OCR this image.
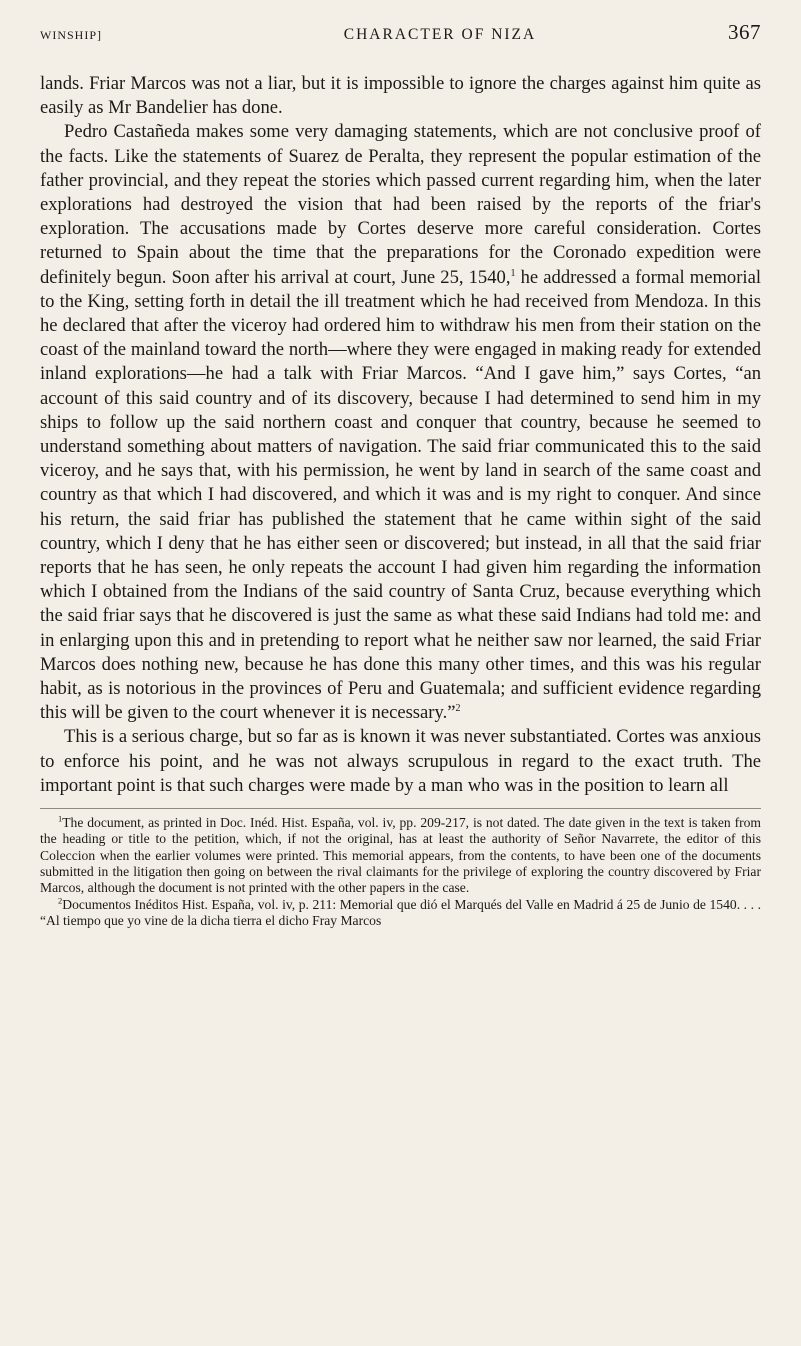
WINSHIP]	CHARACTER OF NIZA	367

lands. Friar Marcos was not a liar, but it is impossible to ignore the charges against him quite as easily as Mr Bandelier has done.

Pedro Castañeda makes some very damaging statements, which are not conclusive proof of the facts. Like the statements of Suarez de Peralta, they represent the popular estimation of the father provincial, and they repeat the stories which passed current regarding him, when the later explorations had destroyed the vision that had been raised by the reports of the friar's exploration. The accusations made by Cortes deserve more careful consideration. Cortes returned to Spain about the time that the preparations for the Coronado expedition were definitely begun. Soon after his arrival at court, June 25, 1540,$^1$ he addressed a formal memorial to the King, setting forth in detail the ill treatment which he had received from Mendoza. In this he declared that after the viceroy had ordered him to withdraw his men from their station on the coast of the mainland toward the north—where they were engaged in making ready for extended inland explorations—he had a talk with Friar Marcos. “And I gave him,” says Cortes, “an account of this said country and of its discovery, because I had determined to send him in my ships to follow up the said northern coast and conquer that country, because he seemed to understand something about matters of navigation. The said friar communicated this to the said viceroy, and he says that, with his permission, he went by land in search of the same coast and country as that which I had discovered, and which it was and is my right to conquer. And since his return, the said friar has published the statement that he came within sight of the said country, which I deny that he has either seen or discovered; but instead, in all that the said friar reports that he has seen, he only repeats the account I had given him regarding the information which I obtained from the Indians of the said country of Santa Cruz, because everything which the said friar says that he discovered is just the same as what these said Indians had told me: and in enlarging upon this and in pretending to report what he neither saw nor learned, the said Friar Marcos does nothing new, because he has done this many other times, and this was his regular habit, as is notorious in the provinces of Peru and Guatemala; and sufficient evidence regarding this will be given to the court whenever it is necessary.”$^2$

This is a serious charge, but so far as is known it was never substantiated. Cortes was anxious to enforce his point, and he was not always scrupulous in regard to the exact truth. The important point is that such charges were made by a man who was in the position to learn all

$^1$The document, as printed in Doc. Inéd. Hist. España, vol. iv, pp. 209-217, is not dated. The date given in the text is taken from the heading or title to the petition, which, if not the original, has at least the authority of Señor Navarrete, the editor of this Coleccion when the earlier volumes were printed. This memorial appears, from the contents, to have been one of the documents submitted in the litigation then going on between the rival claimants for the privilege of exploring the country discovered by Friar Marcos, although the document is not printed with the other papers in the case.

$^2$Documentos Inéditos Hist. España, vol. iv, p. 211: Memorial que dió el Marqués del Valle en Madrid á 25 de Junio de 1540. . . . “Al tiempo que yo vine de la dicha tierra el dicho Fray Marcos
